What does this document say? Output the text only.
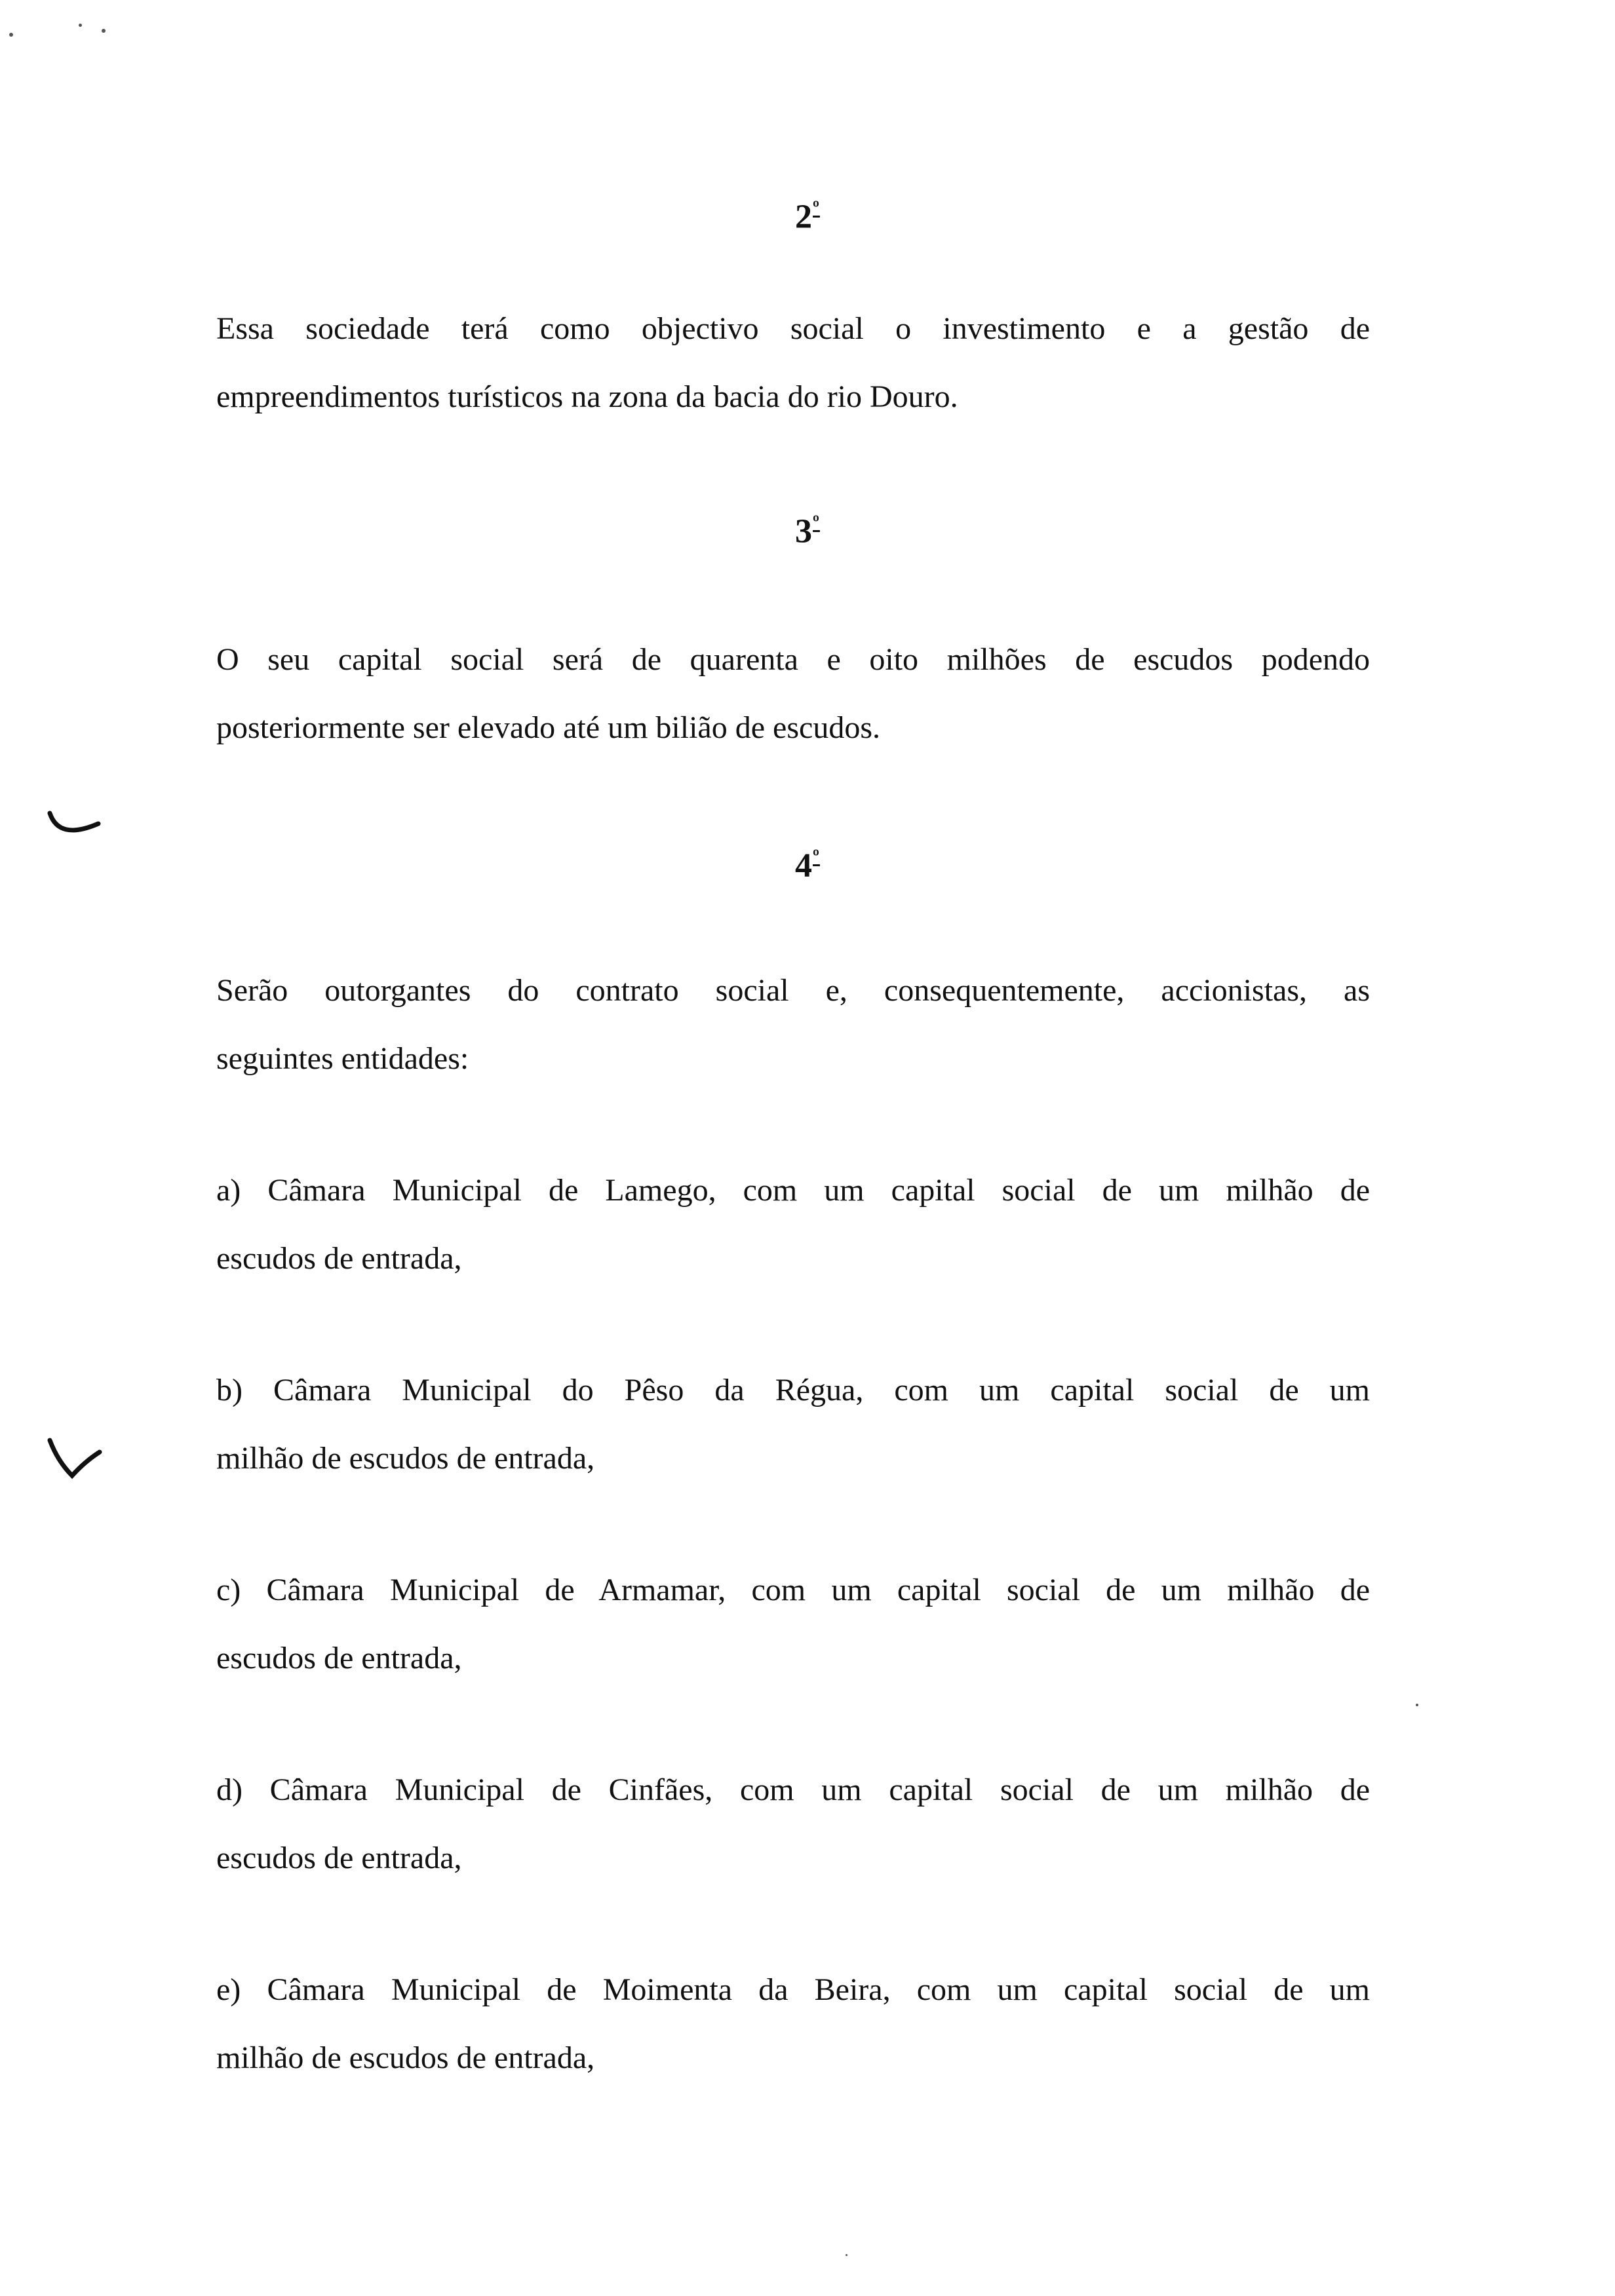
$2^º$
Essa sociedade terá como objectivo social o investimento e a gestão de
empreendimentos turísticos na zona da bacia do rio Douro.
$3^º$
O seu capital social será de quarenta e oito milhões de escudos podendo
posteriormente ser elevado até um bilião de escudos.
$4^º$
Serão outorgantes do contrato social e, consequentemente, accionistas, as
seguintes entidades:
a) Câmara Municipal de Lamego, com um capital social de um milhão de
escudos de entrada,
b) Câmara Municipal do Pêso da Régua, com um capital social de um
milhão de escudos de entrada,
c) Câmara Municipal de Armamar, com um capital social de um milhão de
escudos de entrada,
d) Câmara Municipal de Cinfães, com um capital social de um milhão de
escudos de entrada,
e) Câmara Municipal de Moimenta da Beira, com um capital social de um
milhão de escudos de entrada,
